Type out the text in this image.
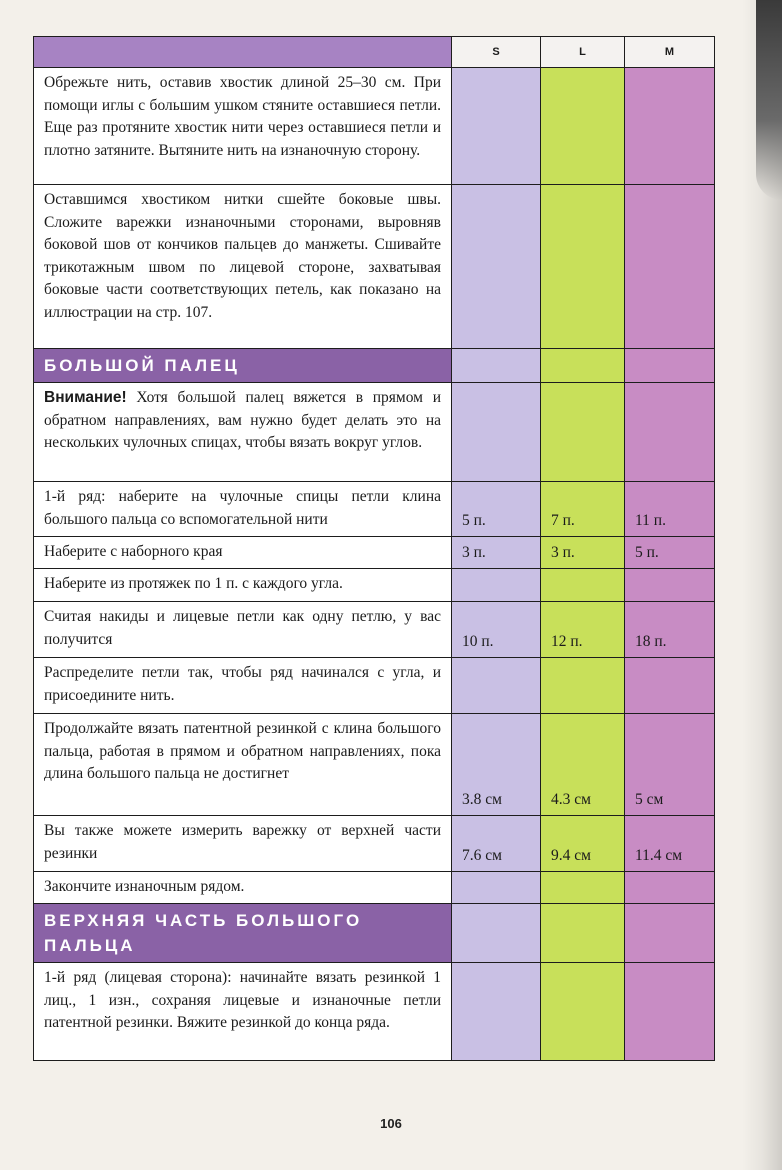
	S	L	M
Обрежьте нить, оставив хвостик длиной 25–30 см. При помощи иглы с большим ушком стяните оставшиеся петли. Еще раз протяните хвостик нити через оставшиеся петли и плотно затяните. Вытяните нить на изнаночную сторону.			
Оставшимся хвостиком нитки сшейте боковые швы. Сложите варежки изнаночными сторонами, выровняв боковой шов от кончиков пальцев до манжеты. Сшивайте трикотажным швом по лицевой стороне, захватывая боковые части соответствующих петель, как показано на иллюстрации на стр. 107.			
БОЛЬШОЙ ПАЛЕЦ			
Внимание! Хотя большой палец вяжется в прямом и обратном направлениях, вам нужно будет делать это на нескольких чулочных спицах, чтобы вязать вокруг углов.			
1-й ряд: наберите на чулочные спицы петли клина большого пальца со вспомогательной нити	5 п.	7 п.	11 п.
Наберите с наборного края	3 п.	3 п.	5 п.
Наберите из протяжек по 1 п. с каждого угла.			
Считая накиды и лицевые петли как одну петлю, у вас получится	10 п.	12 п.	18 п.
Распределите петли так, чтобы ряд начинался с угла, и присоедините нить.			
Продолжайте вязать патентной резинкой с клина большого пальца, работая в прямом и обратном направлениях, пока длина большого пальца не достигнет	3.8 см	4.3 см	5 см
Вы также можете измерить варежку от верхней части резинки	7.6 см	9.4 см	11.4 см
Закончите изнаночным рядом.			
ВЕРХНЯЯ ЧАСТЬ БОЛЬШОГО ПАЛЬЦА			
1-й ряд (лицевая сторона): начинайте вязать резинкой 1 лиц., 1 изн., сохраняя лицевые и изнаночные петли патентной резинки. Вяжите резинкой до конца ряда.			
106
